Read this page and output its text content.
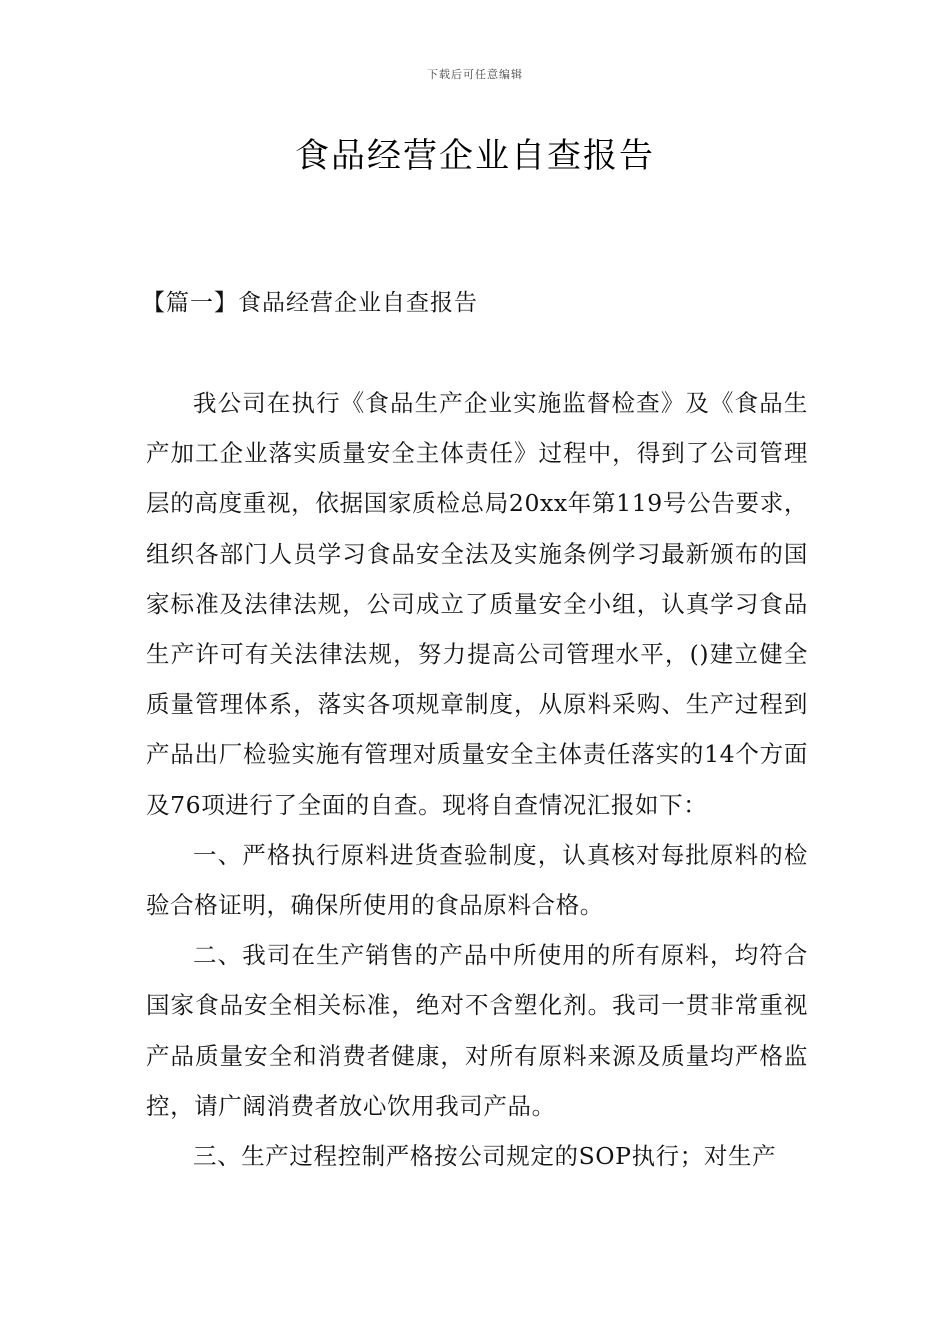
下载后可任意编辑
食品经营企业自查报告
【篇一】食品经营企业自查报告

我公司在执行《食品生产企业实施监督检查》及《食品生产加工企业落实质量安全主体责任》过程中，得到了公司管理层的高度重视，依据国家质检总局20xx年第119号公告要求，组织各部门人员学习食品安全法及实施条例学习最新颁布的国家标准及法律法规，公司成立了质量安全小组，认真学习食品生产许可有关法律法规，努力提高公司管理水平，()建立健全质量管理体系，落实各项规章制度，从原料采购、生产过程到产品出厂检验实施有管理对质量安全主体责任落实的14个方面及76项进行了全面的自查。现将自查情况汇报如下：

一、严格执行原料进货查验制度，认真核对每批原料的检验合格证明，确保所使用的食品原料合格。

二、我司在生产销售的产品中所使用的所有原料，均符合国家食品安全相关标准，绝对不含塑化剂。我司一贯非常重视产品质量安全和消费者健康，对所有原料来源及质量均严格监控，请广阔消费者放心饮用我司产品。

三、生产过程控制严格按公司规定的SOP执行；对生产
